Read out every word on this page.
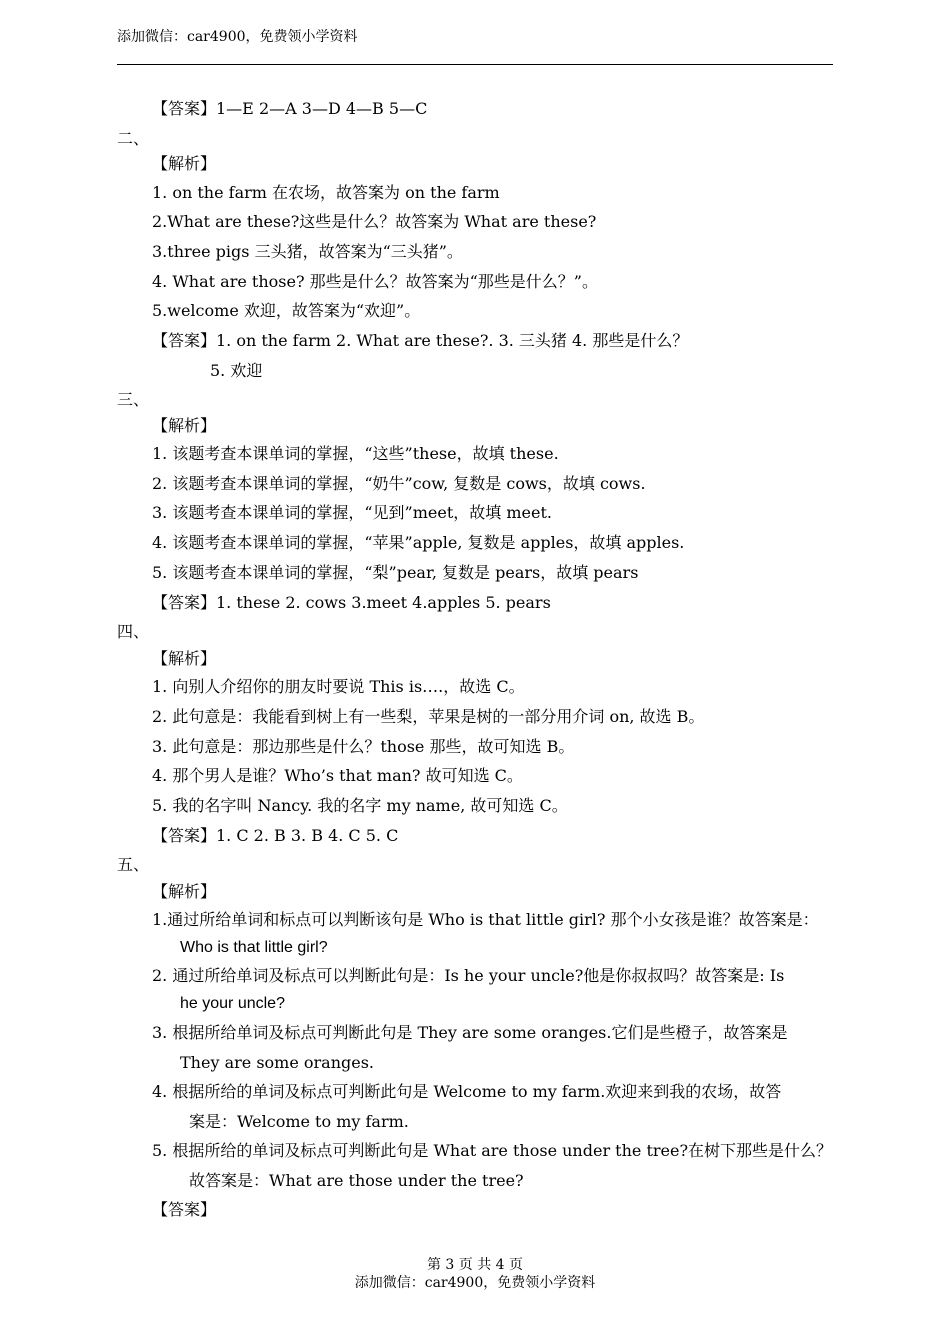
添加微信：car4900，免费领小学资料
【答案】1—E 2—A 3—D 4—B 5—C
二、
【解析】
1. on the farm 在农场，故答案为 on the farm
2.What are these?这些是什么？故答案为 What are these?
3.three pigs 三头猪，故答案为“三头猪”。
4. What are those? 那些是什么？故答案为“那些是什么？”。
5.welcome 欢迎，故答案为“欢迎”。
【答案】1. on the farm 2. What are these?. 3. 三头猪 4. 那些是什么？
5. 欢迎
三、
【解析】
1. 该题考查本课单词的掌握，“这些”these，故填 these.
2. 该题考查本课单词的掌握，“奶牛”cow, 复数是 cows，故填 cows.
3. 该题考查本课单词的掌握，“见到”meet，故填 meet.
4. 该题考查本课单词的掌握，“苹果”apple, 复数是 apples，故填 apples.
5. 该题考查本课单词的掌握，“梨”pear, 复数是 pears，故填 pears
【答案】1. these 2. cows 3.meet 4.apples 5. pears
四、
【解析】
1. 向别人介绍你的朋友时要说 This is….，故选 C。
2. 此句意是：我能看到树上有一些梨，苹果是树的一部分用介词 on, 故选 B。
3. 此句意是：那边那些是什么？those 那些，故可知选 B。
4. 那个男人是谁？Who’s that man? 故可知选 C。
5. 我的名字叫 Nancy. 我的名字 my name, 故可知选 C。
【答案】1. C 2. B 3. B 4. C 5. C
五、
【解析】
1.通过所给单词和标点可以判断该句是 Who is that little girl? 那个小女孩是谁？故答案是：
Who is that little girl?
2. 通过所给单词及标点可以判断此句是：Is he your uncle?他是你叔叔吗？故答案是: Is
he your uncle?
3. 根据所给单词及标点可判断此句是 They are some oranges.它们是些橙子，故答案是
They are some oranges.
4. 根据所给的单词及标点可判断此句是 Welcome to my farm.欢迎来到我的农场，故答
案是：Welcome to my farm.
5. 根据所给的单词及标点可判断此句是 What are those under the tree?在树下那些是什么？
故答案是：What are those under the tree?
【答案】
第 3 页 共 4 页
添加微信：car4900，免费领小学资料
